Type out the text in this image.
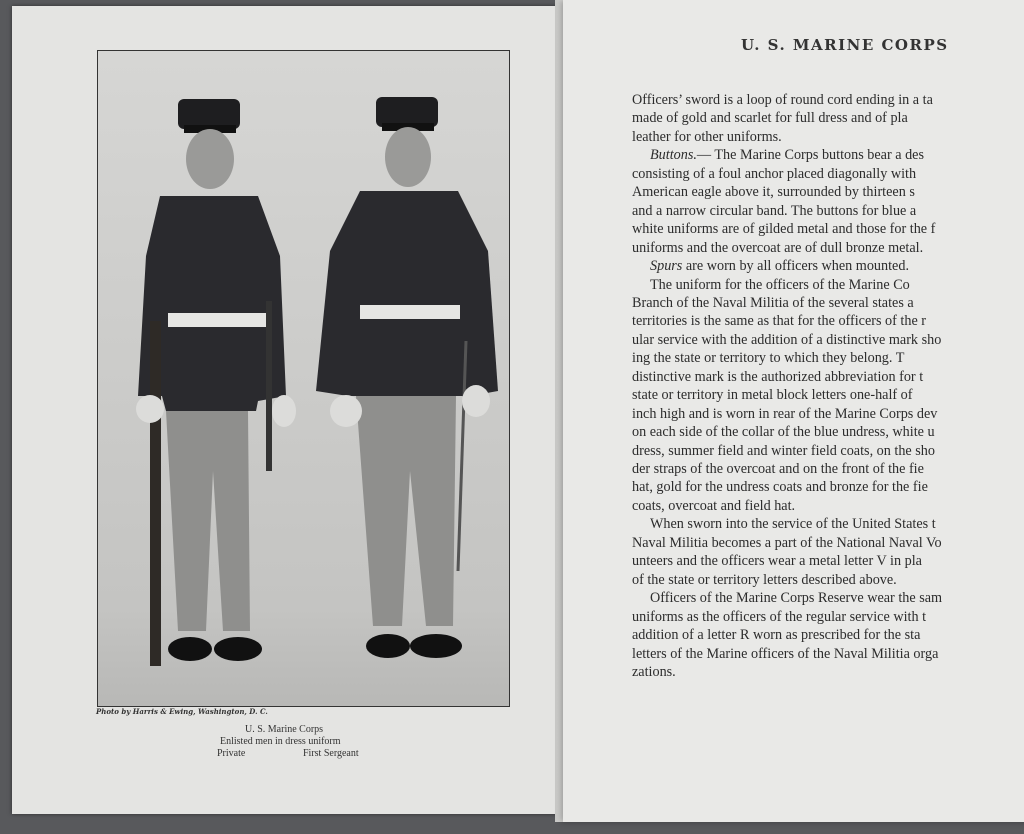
Photo by Harris & Ewing, Washington, D. C.
U. S. Marine Corps
Enlisted men in dress uniform
Private	First Sergeant
U. S. MARINE CORPS
Officers’ sword is a loop of round cord ending in a ta
made of gold and scarlet for full dress and of pla
leather for other uniforms.
Buttons.— The Marine Corps buttons bear a des
consisting of a foul anchor placed diagonally with
American eagle above it, surrounded by thirteen s
and a narrow circular band. The buttons for blue a
white uniforms are of gilded metal and those for the f
uniforms and the overcoat are of dull bronze metal.
Spurs are worn by all officers when mounted.
The uniform for the officers of the Marine Co
Branch of the Naval Militia of the several states a
territories is the same as that for the officers of the r
ular service with the addition of a distinctive mark sho
ing the state or territory to which they belong. T
distinctive mark is the authorized abbreviation for t
state or territory in metal block letters one-half of
inch high and is worn in rear of the Marine Corps dev
on each side of the collar of the blue undress, white u
dress, summer field and winter field coats, on the sho
der straps of the overcoat and on the front of the fie
hat, gold for the undress coats and bronze for the fie
coats, overcoat and field hat.
When sworn into the service of the United States t
Naval Militia becomes a part of the National Naval Vo
unteers and the officers wear a metal letter V in pla
of the state or territory letters described above.
Officers of the Marine Corps Reserve wear the sam
uniforms as the officers of the regular service with t
addition of a letter R worn as prescribed for the sta
letters of the Marine officers of the Naval Militia orga
zations.
